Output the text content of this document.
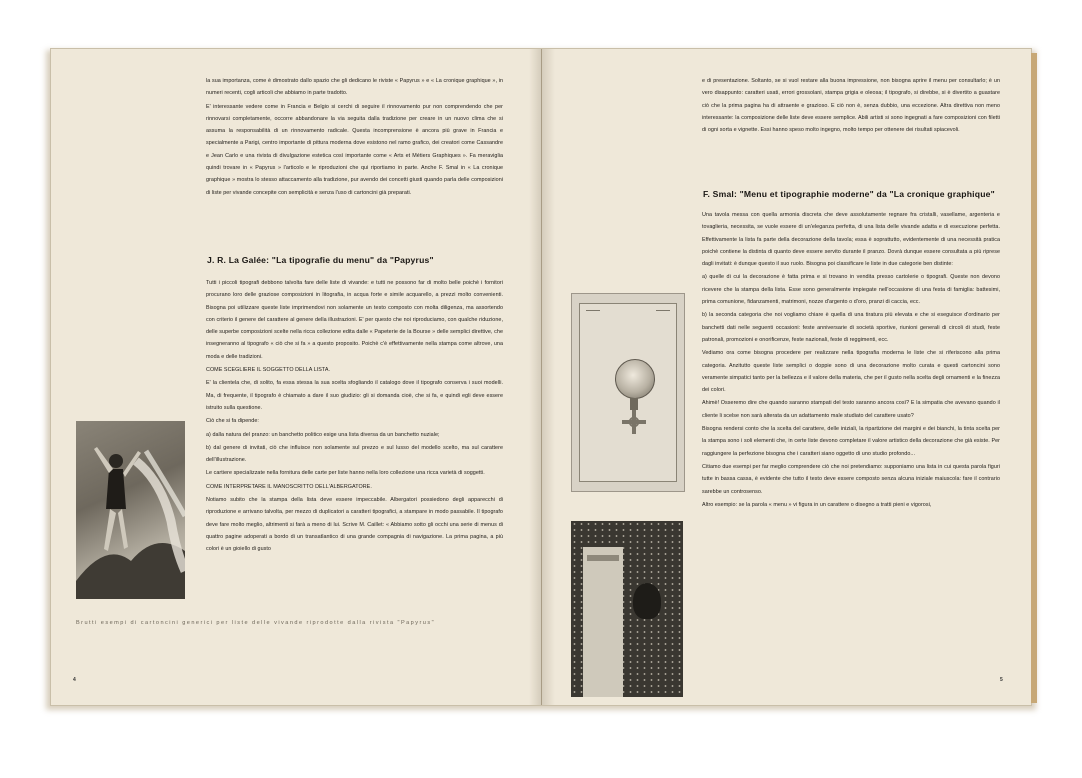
la sua importanza, come è dimostrato dallo spazio che gli dedicano le riviste « Papyrus » e « La cronique graphique », in numeri recenti, cogli articoli che abbiamo in parte tradotto.

E' interessante vedere come in Francia e Belgio si cerchi di seguire il rinnovamento pur non comprendendo che per rinnovarsi completamente, occorre abbandonare la via seguita dalla tradizione per creare in un nuovo clima che si assuma la responsabilità di un rinnovamento radicale. Questa incomprensione è ancora più grave in Francia e specialmente a Parigi, centro importante di pittura moderna dove esistono nel ramo grafico, dei creatori come Cassandre e Jean Carlo e una rivista di divulgazione estetica così importante come « Arts et Métiers Graphiques ». Fa meraviglia quindi trovare in « Papyrus » l'articolo e le riproduzioni che qui riportiamo in parte. Anche F. Smal in « La cronique graphique » mostra lo stesso attaccamento alla tradizione, pur avendo dei concetti giusti quando parla delle composizioni di liste per vivande concepite con semplicità e senza l'uso di cartoncini già preparati.

J. R. La Galée: "La tipografie du menu" da "Papyrus"

Tutti i piccoli tipografi debbono talvolta fare delle liste di vivande: e tutti ne possono far di molto belle poichè i fornitori procurano loro delle graziose composizioni in litografia, in acqua forte e simile acquarello, a prezzi molto convenienti. Bisogna poi utilizzare queste liste imprimendovi non solamente un testo composto con molta diligenza, ma assortendo con criterio il genere del carattere al genere della illustrazioni. E' per questo che noi riproduciamo, con qualche riduzione, delle superbe composizioni scelte nella ricca collezione edita dalle « Papeterie de la Bourse » delle semplici direttive, che insegneranno al tipografo « ciò che si fa » a questo proposito. Poichè c'è effettivamente nella stampa come altrove, una moda e delle tradizioni.

COME SCEGLIERE IL SOGGETTO DELLA LISTA.

E' la clientela che, di solito, fa essa stessa la sua scelta sfogliando il catalogo dove il tipografo conserva i suoi modelli. Ma, di frequente, il tipografo è chiamato a dare il suo giudizio: gli si domanda cioè, che si fa, e quindi egli deve essere istruito sulla questione.

Ciò che si fa dipende:

a) dalla natura del pranzo: un banchetto politico esige una lista diversa da un banchetto nuziale;

b) dal genere di invitati, ciò che influisce non solamente sul prezzo e sul lusso del modello scelto, ma sul carattere dell'illustrazione.

Le cartiere specializzate nella fornitura delle carte per liste hanno nella loro collezione una ricca varietà di soggetti.

COME INTERPRETARE IL MANOSCRITTO DELL'ALBERGATORE.

Notiamo subito che la stampa della lista deve essere impeccabile. Albergatori possiedono degli apparecchi di riproduzione e arrivano talvolta, per mezzo di duplicatori a caratteri tipografici, a stampare in modo passabile. Il tipografo deve fare molto meglio, altrimenti si farà a meno di lui. Scrive M. Caillet: « Abbiamo sotto gli occhi una serie di menus di quattro pagine adoperati a bordo di un transatlantico di una grande compagnia di navigazione. La prima pagina, a più colori è un gioiello di gusto

Brutti esempi di cartoncini generici per liste delle vivande riprodotte dalla rivista "Papyrus"
4

e di presentazione. Soltanto, se si vuol restare alla buona impressione, non bisogna aprire il menu per consultarlo; è un vero disappunto: caratteri usati, errori grossolani, stampa grigia e oleosa; il tipografo, si direbbe, si è divertito a guastare ciò che la prima pagina ha di attraente e grazioso. E ciò non è, senza dubbio, una eccezione. Altra direttiva non meno interessante: la composizione delle liste deve essere semplice. Abili artisti si sono ingegnati a fare composizioni con filetti di ogni sorta e vignette. Essi hanno speso molto ingegno, molto tempo per ottenere dei risultati spiacevoli.

F. Smal: "Menu et tipographie moderne" da "La cronique graphique"

Una tavola messa con quella armonia discreta che deve assolutamente regnare fra cristalli, vasellame, argenteria e tovaglieria, necessita, se vuole essere di un'eleganza perfetta, di una lista delle vivande adatta e di esecuzione perfetta. Effettivamente la lista fa parte della decorazione della tavola; essa è soprattutto, evidentemente di una necessità pratica poichè contiene la distinta di quanto deve essere servito durante il pranzo. Dovrà dunque essere consultata a più riprese dagli invitati: è dunque questo il suo ruolo. Bisogna poi classificare le liste in due categorie ben distinte:

a) quelle di cui la decorazione è fatta prima e si trovano in vendita presso cartolerie o tipografi. Queste non devono ricevere che la stampa della lista. Esse sono generalmente impiegate nell'occasione di una festa di famiglia: battesimi, prima comunione, fidanzamenti, matrimoni, nozze d'argento o d'oro, pranzi di caccia, ecc.

b) la seconda categoria che noi vogliamo chiare è quella di una tiratura più elevata e che si eseguisce d'ordinario per banchetti dati nelle seguenti occasioni: feste anniversarie di società sportive, riunioni generali di circoli di studi, feste patronali, promozioni e onorificenze, feste nazionali, feste di reggimenti, ecc.

Vediamo ora come bisogna procedere per realizzare nella tipografia moderna le liste che si riferiscono alla prima categoria. Anzitutto queste liste semplici o doppie sono di una decorazione molto curata e questi cartoncini sono veramente simpatici tanto per la bellezza e il valore della materia, che per il gusto nella scelta degli ornamenti e la finezza dei colori.

Ahimè! Osseremo dire che quando saranno stampati del testo saranno ancora così? E la simpatia che avevano quando il cliente li scelse non sarà alterata da un adattamento male studiato del carattere usato?

Bisogna rendersi conto che la scelta del carattere, delle iniziali, la ripartizione dei margini e dei bianchi, la tinta scelta per la stampa sono i soli elementi che, in certe liste devono completare il valore artistico della decorazione che già esiste. Per raggiungere la perfezione bisogna che i caratteri siano oggetto di uno studio profondo...

Citiamo due esempi per far meglio comprendere ciò che noi pretendiamo: supponiamo una lista in cui questa parola figuri tutte in bassa cassa, è evidente che tutto il testo deve essere composto senza alcuna iniziale maiuscola: fare il contrario sarebbe un controsenso.

Altro esempio: se la parola « menu » vi figura in un carattere o disegno a tratti pieni e vigorosi,

5
